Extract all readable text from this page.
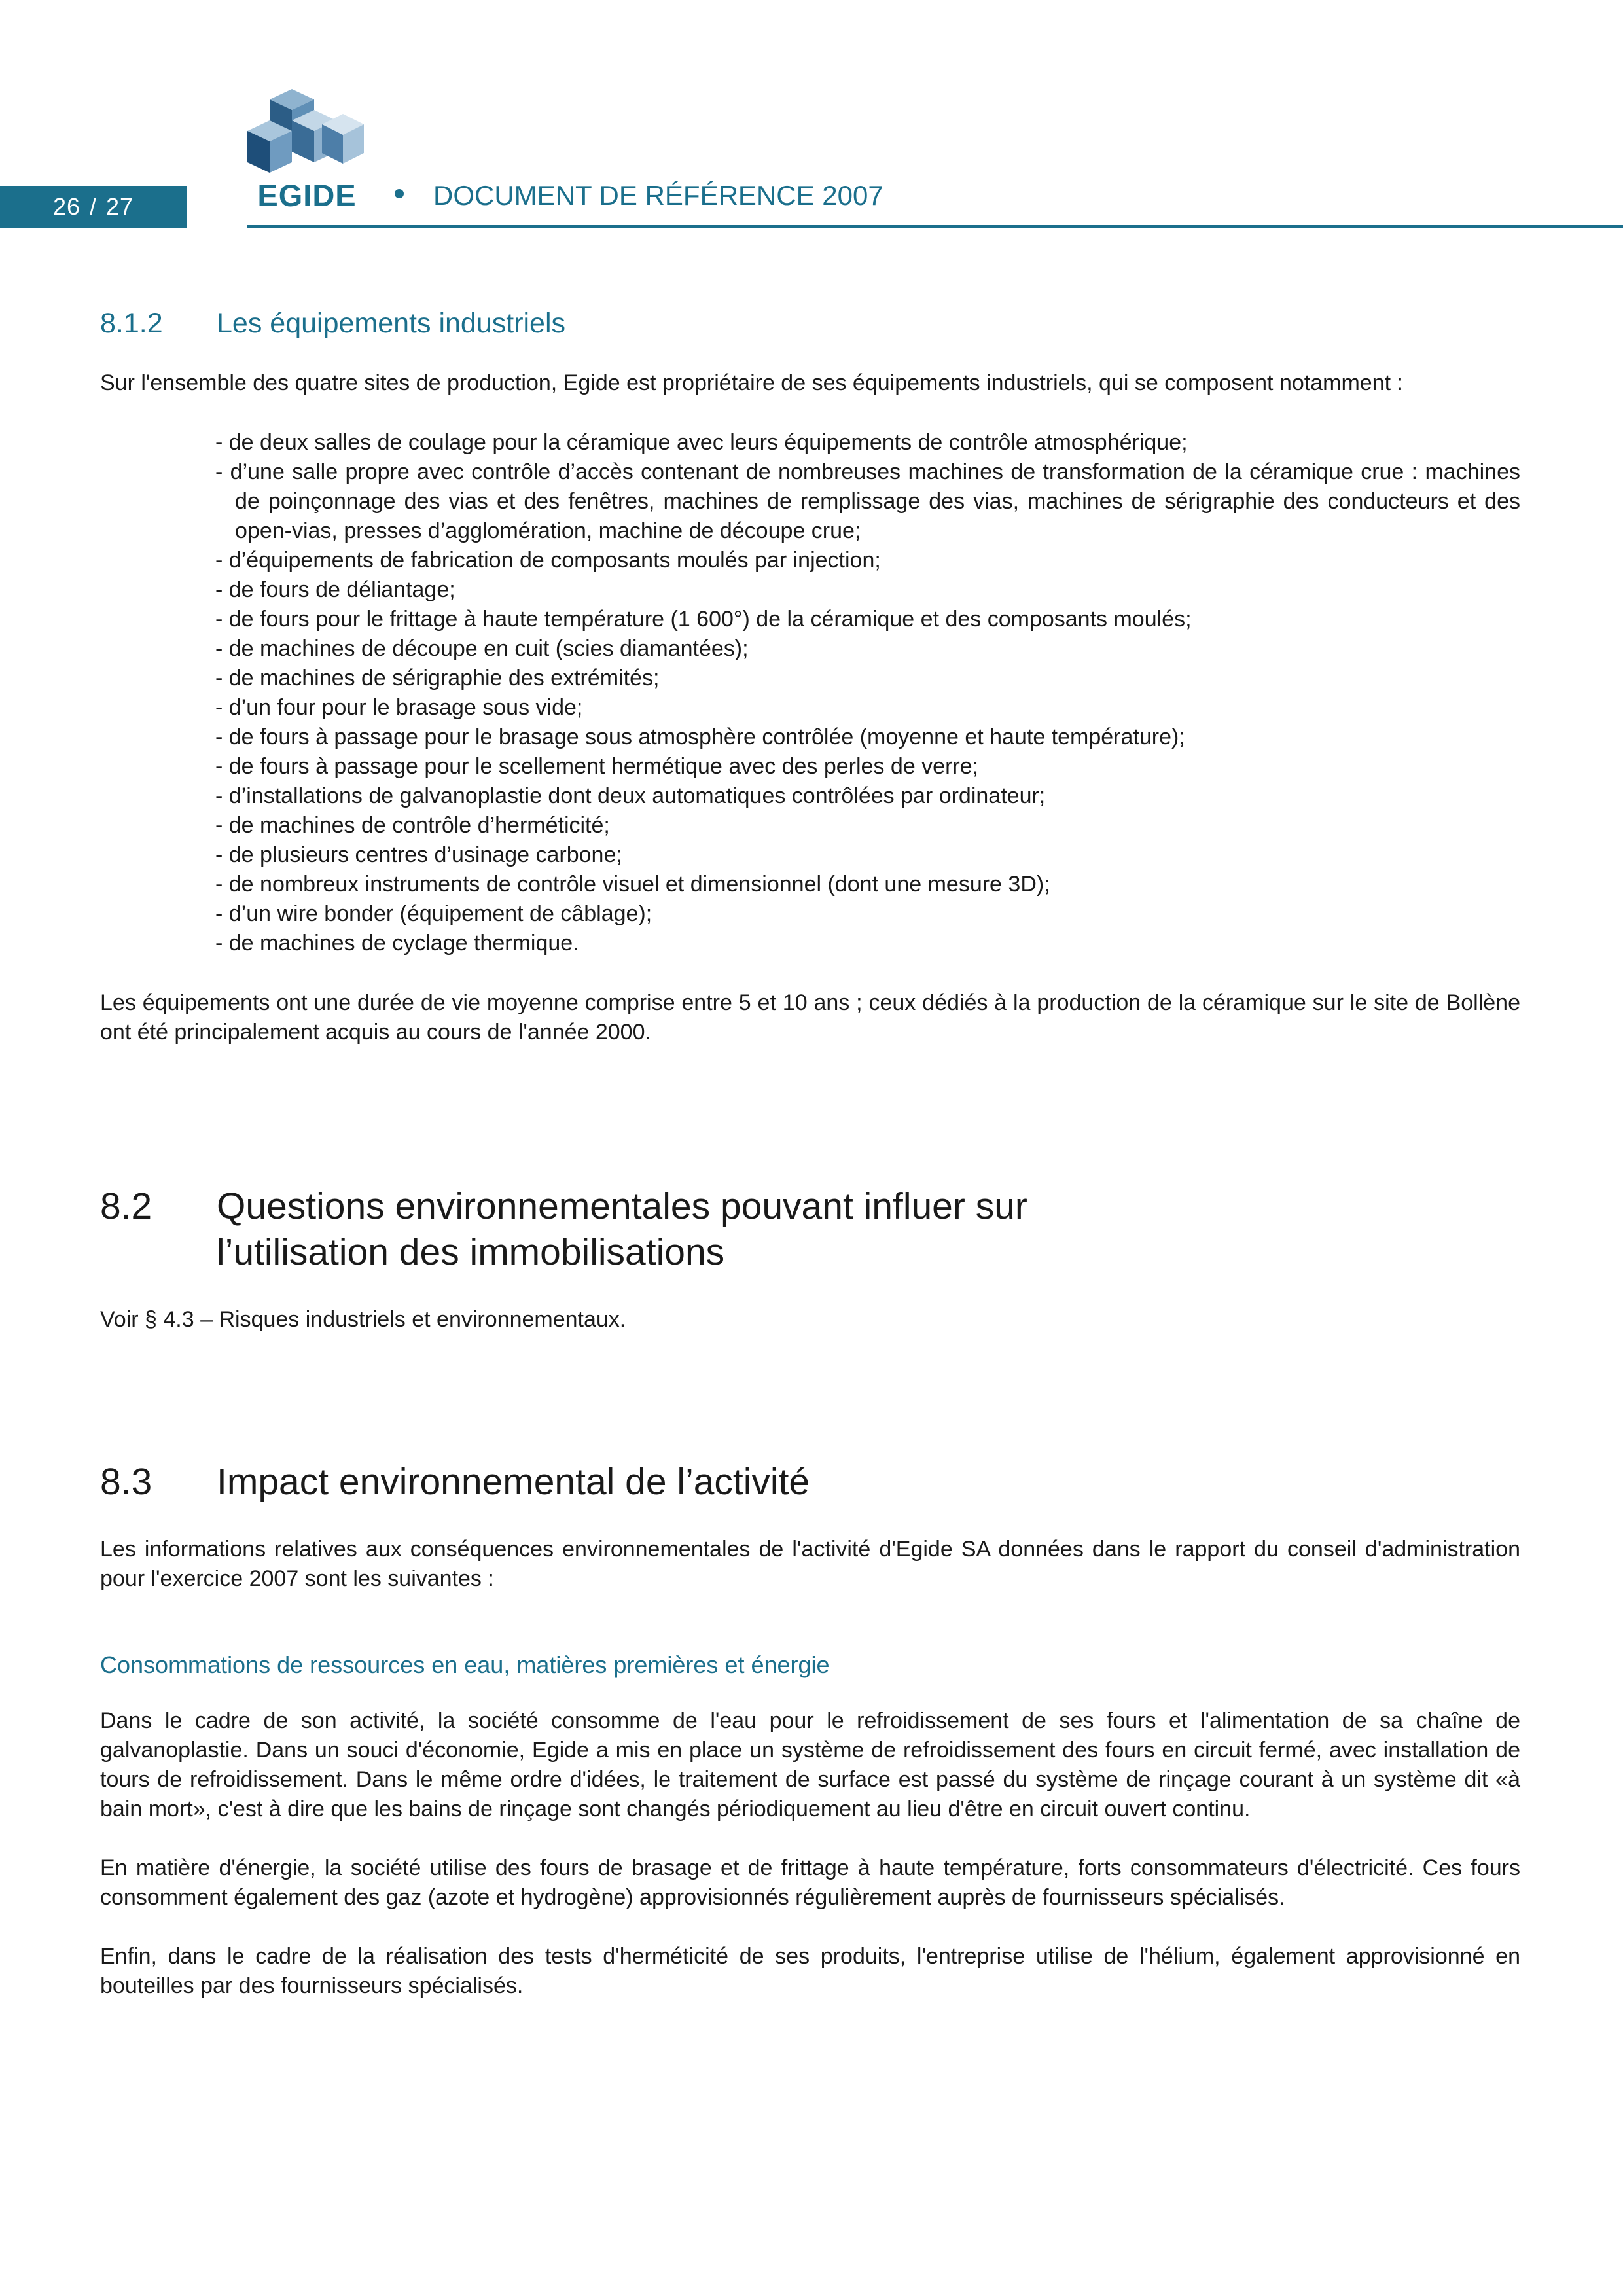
26 / 27	EGIDE	DOCUMENT DE RÉFÉRENCE 2007
8.1.2	Les équipements industriels

Sur l'ensemble des quatre sites de production, Egide est propriétaire de ses équipements industriels, qui se composent notamment :

- de deux salles de coulage pour la céramique avec leurs équipements de contrôle atmosphérique;
- d’une salle propre avec contrôle d’accès contenant de nombreuses machines de transformation de la céramique crue : machines de poinçonnage des vias et des fenêtres, machines de remplissage des vias, machines de sérigraphie des conducteurs et des open-vias, presses d’agglomération, machine de découpe crue;
- d’équipements de fabrication de composants moulés par injection;
- de fours de déliantage;
- de fours pour le frittage à haute température (1 600°) de la céramique et des composants moulés;
- de machines de découpe en cuit (scies diamantées);
- de machines de sérigraphie des extrémités;
- d’un four pour le brasage sous vide;
- de fours à passage pour le brasage sous atmosphère contrôlée (moyenne et haute température);
- de fours à passage pour le scellement hermétique avec des perles de verre;
- d’installations de galvanoplastie dont deux automatiques contrôlées par ordinateur;
- de machines de contrôle d’herméticité;
- de plusieurs centres d’usinage carbone;
- de nombreux instruments de contrôle visuel et dimensionnel (dont une mesure 3D);
- d’un wire bonder (équipement de câblage);
- de machines de cyclage thermique.

Les équipements ont une durée de vie moyenne comprise entre 5 et 10 ans ; ceux dédiés à la production de la céramique sur le site de Bollène ont été principalement acquis au cours de l'année 2000.

8.2	Questions environnementales pouvant influer sur
l’utilisation des immobilisations

Voir § 4.3 – Risques industriels et environnementaux.

8.3	Impact environnemental de l’activité

Les informations relatives aux conséquences environnementales de l'activité d'Egide SA données dans le rapport du conseil d'administration pour l'exercice 2007 sont les suivantes :

Consommations de ressources en eau, matières premières et énergie

Dans le cadre de son activité, la société consomme de l'eau pour le refroidissement de ses fours et l'alimentation de sa chaîne de galvanoplastie. Dans un souci d'économie, Egide a mis en place un système de refroidissement des fours en circuit fermé, avec installation de tours de refroidissement. Dans le même ordre d'idées, le traitement de surface est passé du système de rinçage courant à un système dit «à bain mort», c'est à dire que les bains de rinçage sont changés périodiquement au lieu d'être en circuit ouvert continu.

En matière d'énergie, la société utilise des fours de brasage et de frittage à haute température, forts consommateurs d'électricité. Ces fours consomment également des gaz (azote et hydrogène) approvisionnés régulièrement auprès de fournisseurs spécialisés.

Enfin, dans le cadre de la réalisation des tests d'herméticité de ses produits, l'entreprise utilise de l'hélium, également approvisionné en bouteilles par des fournisseurs spécialisés.
